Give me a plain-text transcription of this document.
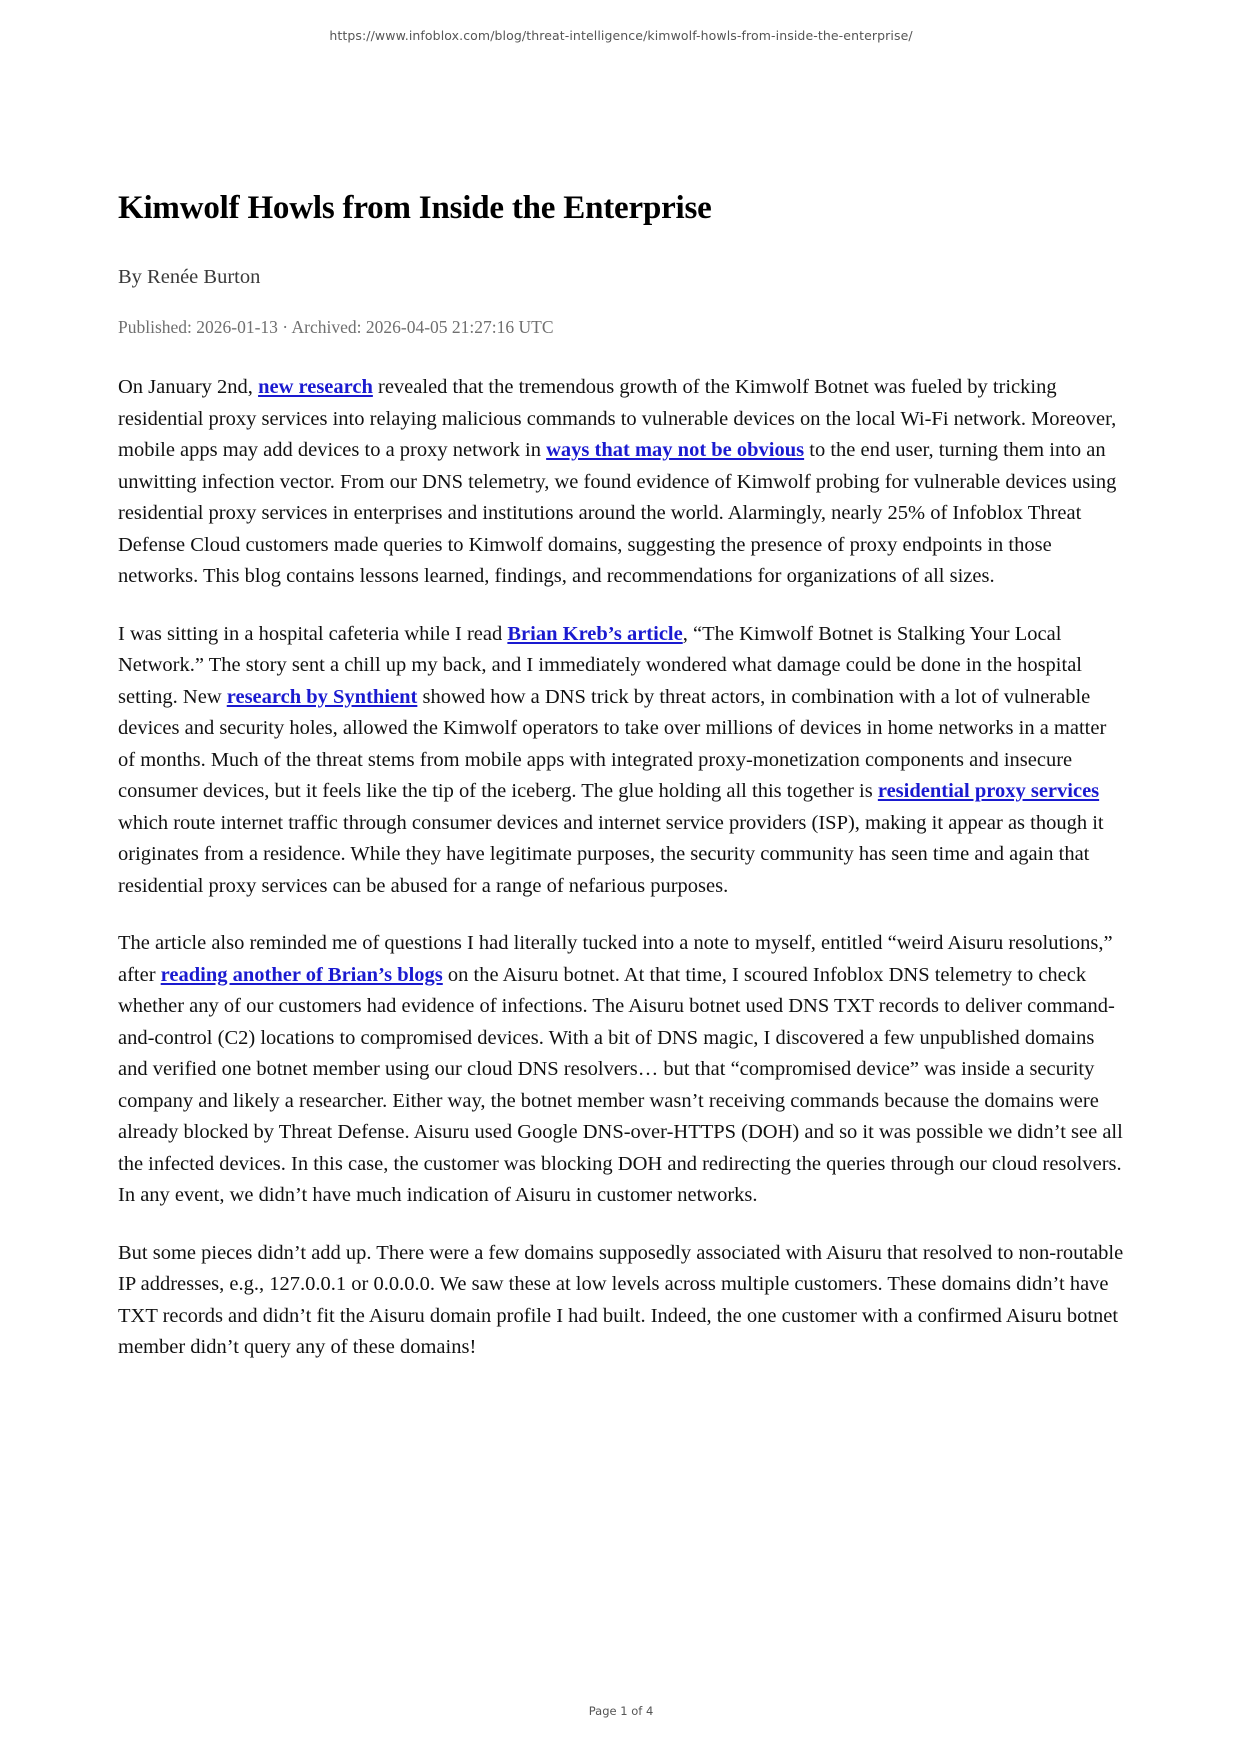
https://www.infoblox.com/blog/threat-intelligence/kimwolf-howls-from-inside-the-enterprise/
Kimwolf Howls from Inside the Enterprise
By Renée Burton
Published: 2026-01-13 · Archived: 2026-04-05 21:27:16 UTC

On January 2nd, new research revealed that the tremendous growth of the Kimwolf Botnet was fueled by tricking residential proxy services into relaying malicious commands to vulnerable devices on the local Wi-Fi network. Moreover, mobile apps may add devices to a proxy network in ways that may not be obvious to the end user, turning them into an unwitting infection vector. From our DNS telemetry, we found evidence of Kimwolf probing for vulnerable devices using residential proxy services in enterprises and institutions around the world. Alarmingly, nearly 25% of Infoblox Threat Defense Cloud customers made queries to Kimwolf domains, suggesting the presence of proxy endpoints in those networks. This blog contains lessons learned, findings, and recommendations for organizations of all sizes.

I was sitting in a hospital cafeteria while I read Brian Kreb’s article, “The Kimwolf Botnet is Stalking Your Local Network.” The story sent a chill up my back, and I immediately wondered what damage could be done in the hospital setting. New research by Synthient showed how a DNS trick by threat actors, in combination with a lot of vulnerable devices and security holes, allowed the Kimwolf operators to take over millions of devices in home networks in a matter of months. Much of the threat stems from mobile apps with integrated proxy-monetization components and insecure consumer devices, but it feels like the tip of the iceberg. The glue holding all this together is residential proxy services which route internet traffic through consumer devices and internet service providers (ISP), making it appear as though it originates from a residence. While they have legitimate purposes, the security community has seen time and again that residential proxy services can be abused for a range of nefarious purposes.

The article also reminded me of questions I had literally tucked into a note to myself, entitled “weird Aisuru resolutions,” after reading another of Brian’s blogs on the Aisuru botnet. At that time, I scoured Infoblox DNS telemetry to check whether any of our customers had evidence of infections. The Aisuru botnet used DNS TXT records to deliver command-and-control (C2) locations to compromised devices. With a bit of DNS magic, I discovered a few unpublished domains and verified one botnet member using our cloud DNS resolvers… but that “compromised device” was inside a security company and likely a researcher. Either way, the botnet member wasn’t receiving commands because the domains were already blocked by Threat Defense. Aisuru used Google DNS-over-HTTPS (DOH) and so it was possible we didn’t see all the infected devices. In this case, the customer was blocking DOH and redirecting the queries through our cloud resolvers. In any event, we didn’t have much indication of Aisuru in customer networks.

But some pieces didn’t add up. There were a few domains supposedly associated with Aisuru that resolved to non-routable IP addresses, e.g., 127.0.0.1 or 0.0.0.0. We saw these at low levels across multiple customers. These domains didn’t have TXT records and didn’t fit the Aisuru domain profile I had built. Indeed, the one customer with a confirmed Aisuru botnet member didn’t query any of these domains!

Page 1 of 4
